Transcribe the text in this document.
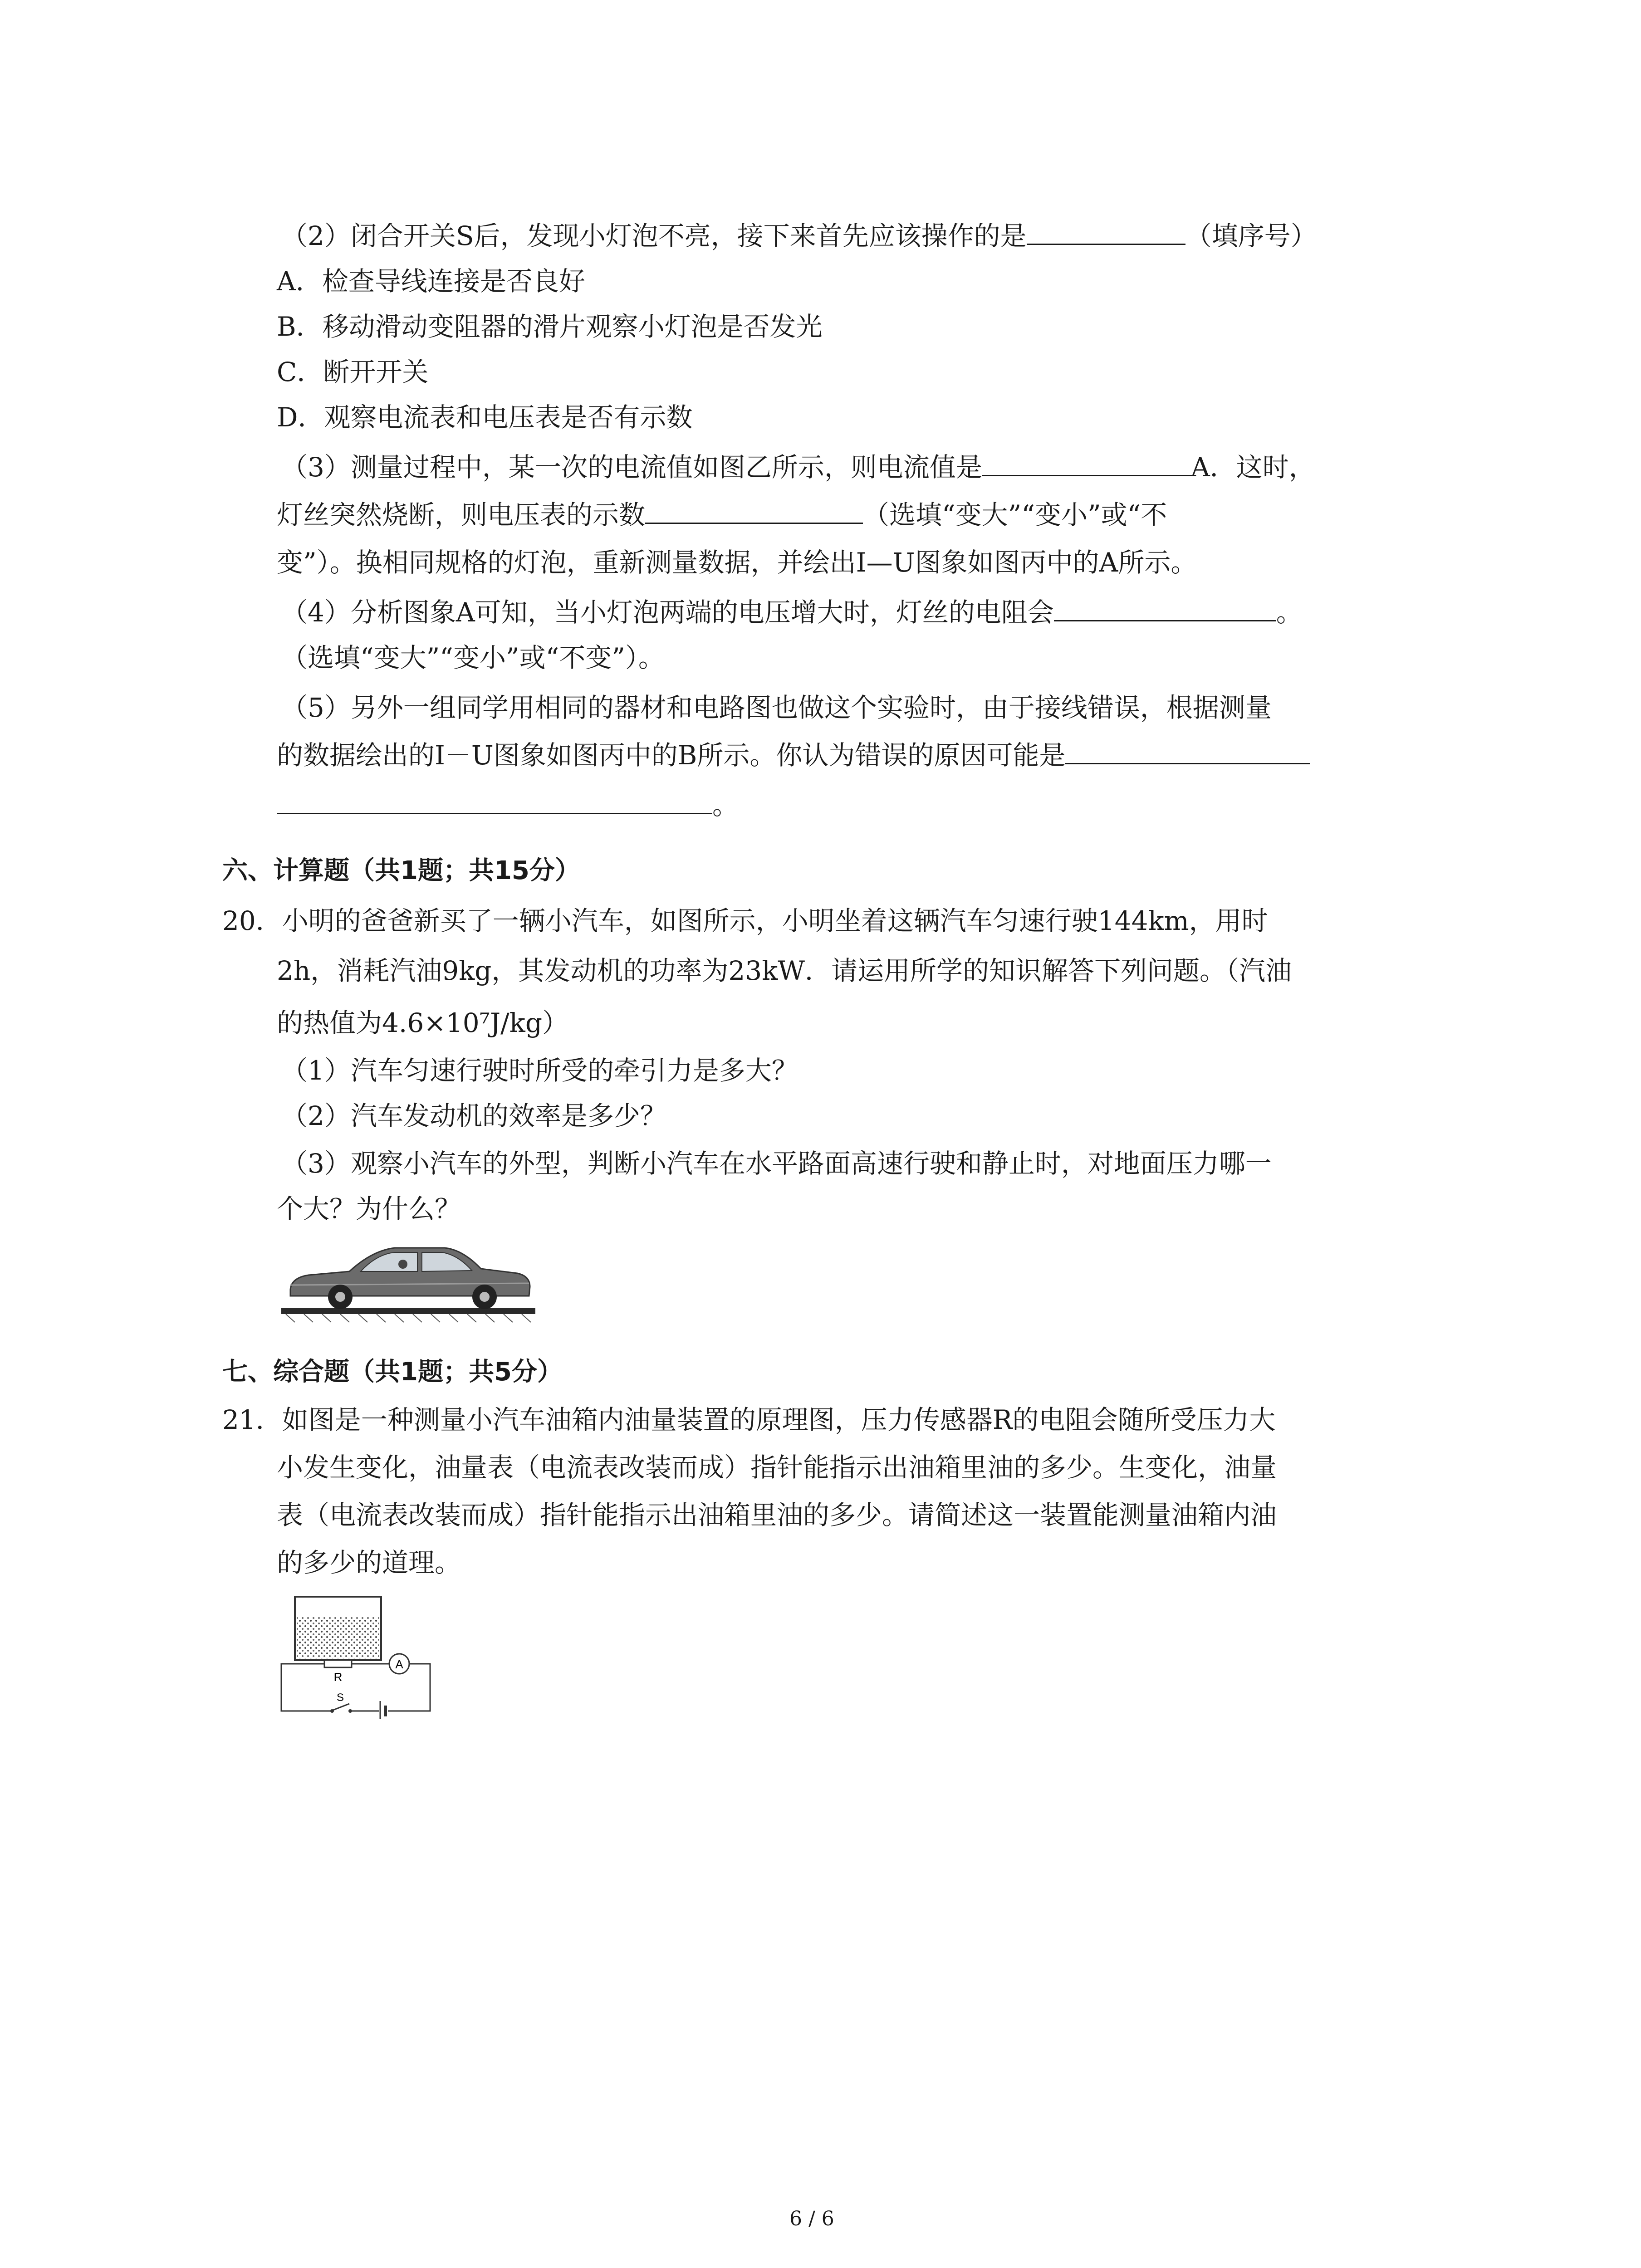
（2）闭合开关S后，发现小灯泡不亮，接下来首先应该操作的是	（填序号）
A．检查导线连接是否良好
B．移动滑动变阻器的滑片观察小灯泡是否发光
C．断开开关
D．观察电流表和电压表是否有示数
（3）测量过程中，某一次的电流值如图乙所示，则电流值是	A．这时，
灯丝突然烧断，则电压表的示数	（选填“变大”“变小”或“不
变”）。换相同规格的灯泡，重新测量数据，并绘出I—U图象如图丙中的A所示。
（4）分析图象A可知，当小灯泡两端的电压增大时，灯丝的电阻会	。
（选填“变大”“变小”或“不变”）。
（5）另外一组同学用相同的器材和电路图也做这个实验时，由于接线错误，根据测量
的数据绘出的I－U图象如图丙中的B所示。你认为错误的原因可能是
。
六、计算题（共1题；共15分）
20．小明的爸爸新买了一辆小汽车，如图所示，小明坐着这辆汽车匀速行驶144km，用时
2h，消耗汽油9kg，其发动机的功率为23kW．请运用所学的知识解答下列问题。（汽油
的热值为4.6×10⁷J/kg）
（1）汽车匀速行驶时所受的牵引力是多大？
（2）汽车发动机的效率是多少？
（3）观察小汽车的外型，判断小汽车在水平路面高速行驶和静止时，对地面压力哪一
个大？为什么？
七、综合题（共1题；共5分）
21．如图是一种测量小汽车油箱内油量装置的原理图，压力传感器R的电阻会随所受压力大
小发生变化，油量表（电流表改装而成）指针能指示出油箱里油的多少。生变化，油量
表（电流表改装而成）指针能指示出油箱里油的多少。请简述这一装置能测量油箱内油
的多少的道理。
R
A
S
6 / 6
